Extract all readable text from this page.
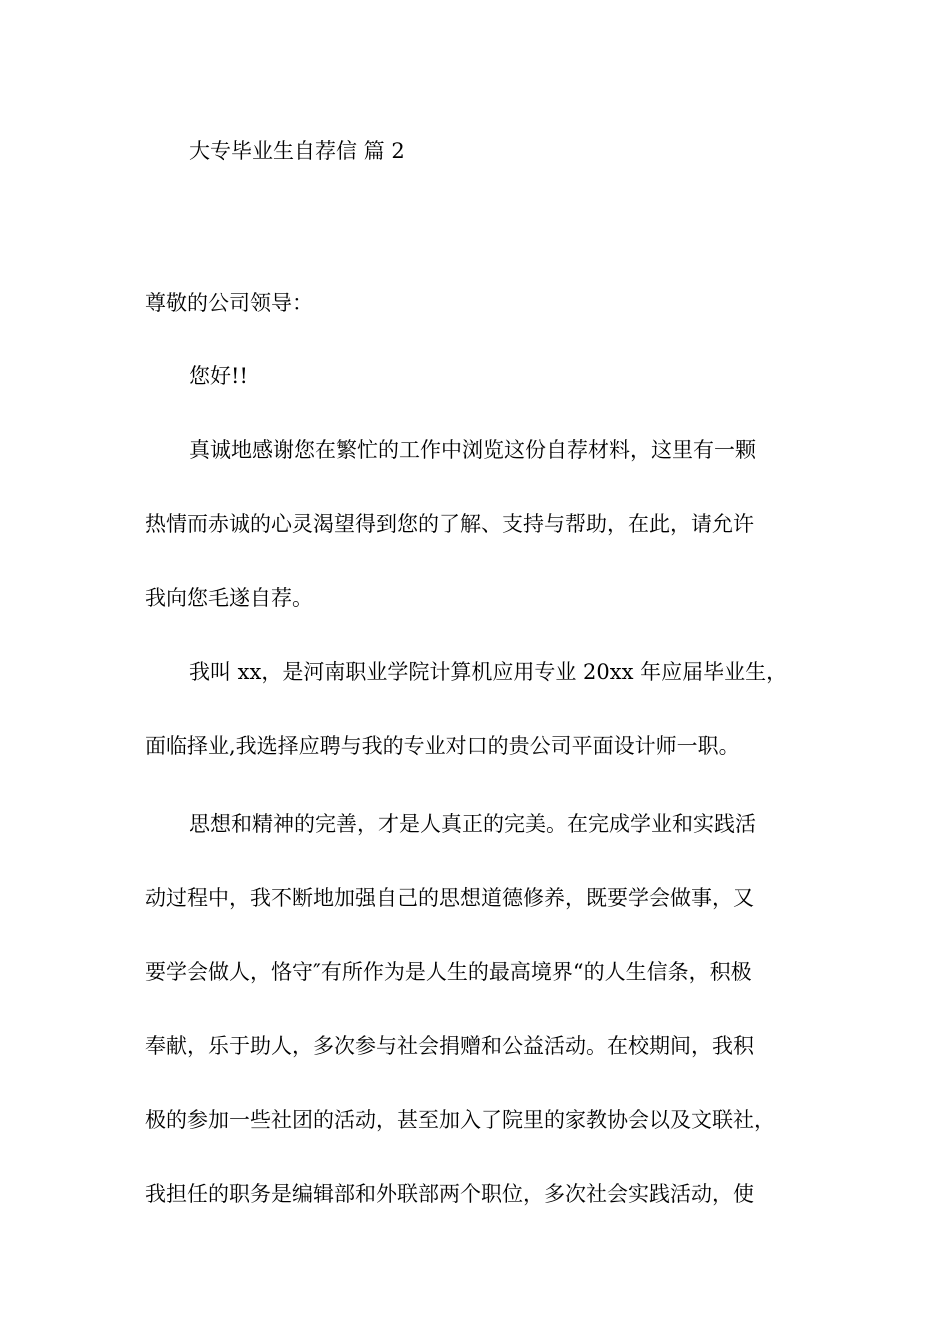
大专毕业生自荐信 篇 2

尊敬的公司领导：

您好!!

真诚地感谢您在繁忙的工作中浏览这份自荐材料，这里有一颗

热情而赤诚的心灵渴望得到您的了解、支持与帮助，在此，请允许

我向您毛遂自荐。

我叫 xx，是河南职业学院计算机应用专业 20xx 年应届毕业生，

面临择业,我选择应聘与我的专业对口的贵公司平面设计师一职。

思想和精神的完善，才是人真正的完美。在完成学业和实践活

动过程中，我不断地加强自己的思想道德修养，既要学会做事，又

要学会做人，恪守″有所作为是人生的最高境界“的人生信条，积极

奉献，乐于助人，多次参与社会捐赠和公益活动。在校期间，我积

极的参加一些社团的活动，甚至加入了院里的家教协会以及文联社，

我担任的职务是编辑部和外联部两个职位，多次社会实践活动，使
